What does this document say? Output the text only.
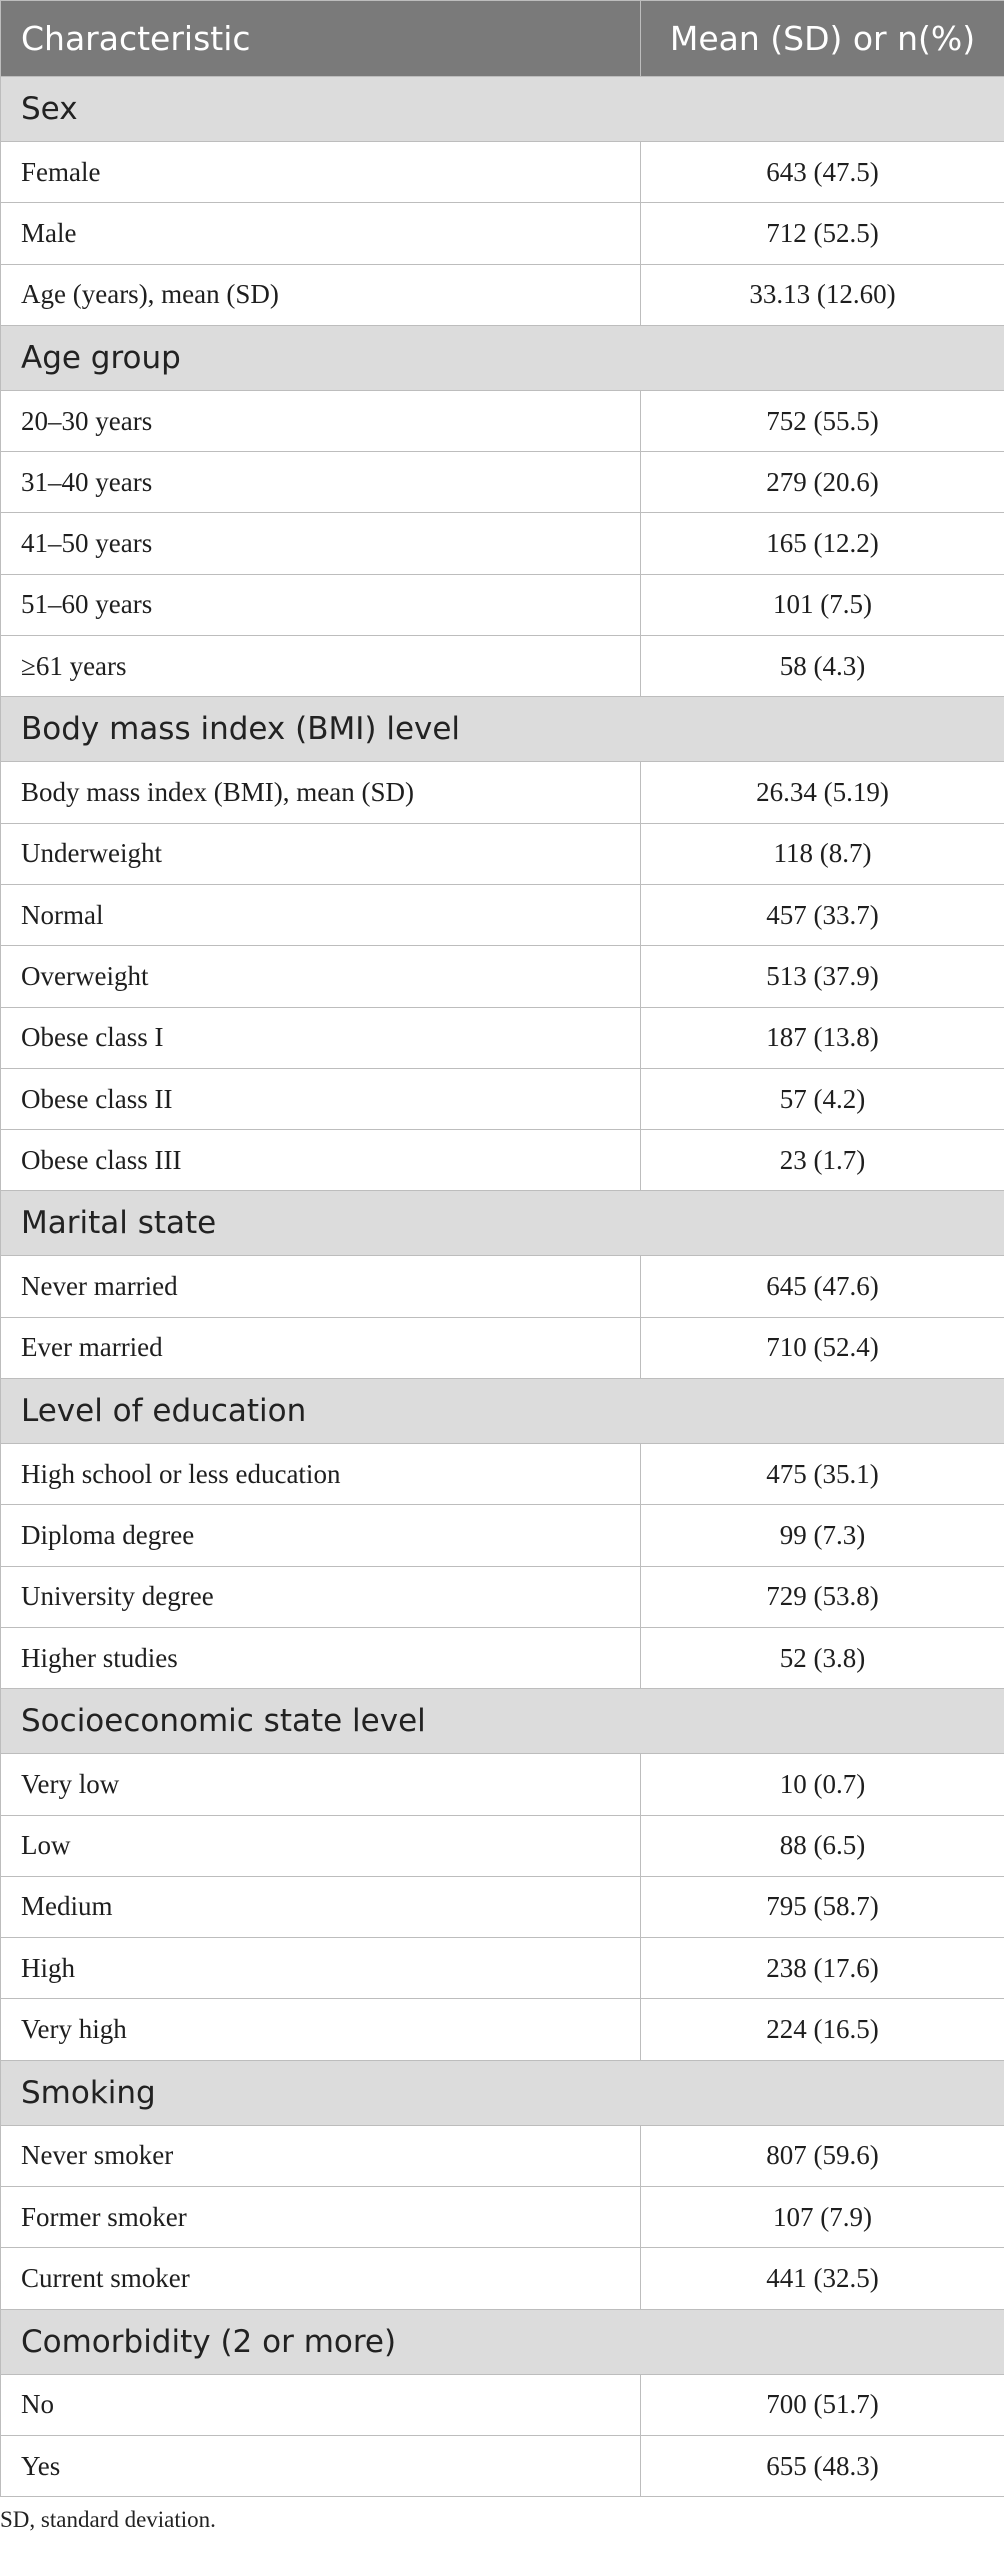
Characteristic	Mean (SD) or n(%)
Sex	
Female	643 (47.5)
Male	712 (52.5)
Age (years), mean (SD)	33.13 (12.60)
Age group	
20–30 years	752 (55.5)
31–40 years	279 (20.6)
41–50 years	165 (12.2)
51–60 years	101 (7.5)
≥61 years	58 (4.3)
Body mass index (BMI) level	
Body mass index (BMI), mean (SD)	26.34 (5.19)
Underweight	118 (8.7)
Normal	457 (33.7)
Overweight	513 (37.9)
Obese class I	187 (13.8)
Obese class II	57 (4.2)
Obese class III	23 (1.7)
Marital state	
Never married	645 (47.6)
Ever married	710 (52.4)
Level of education	
High school or less education	475 (35.1)
Diploma degree	99 (7.3)
University degree	729 (53.8)
Higher studies	52 (3.8)
Socioeconomic state level	
Very low	10 (0.7)
Low	88 (6.5)
Medium	795 (58.7)
High	238 (17.6)
Very high	224 (16.5)
Smoking	
Never smoker	807 (59.6)
Former smoker	107 (7.9)
Current smoker	441 (32.5)
Comorbidity (2 or more)	
No	700 (51.7)
Yes	655 (48.3)
SD, standard deviation.
